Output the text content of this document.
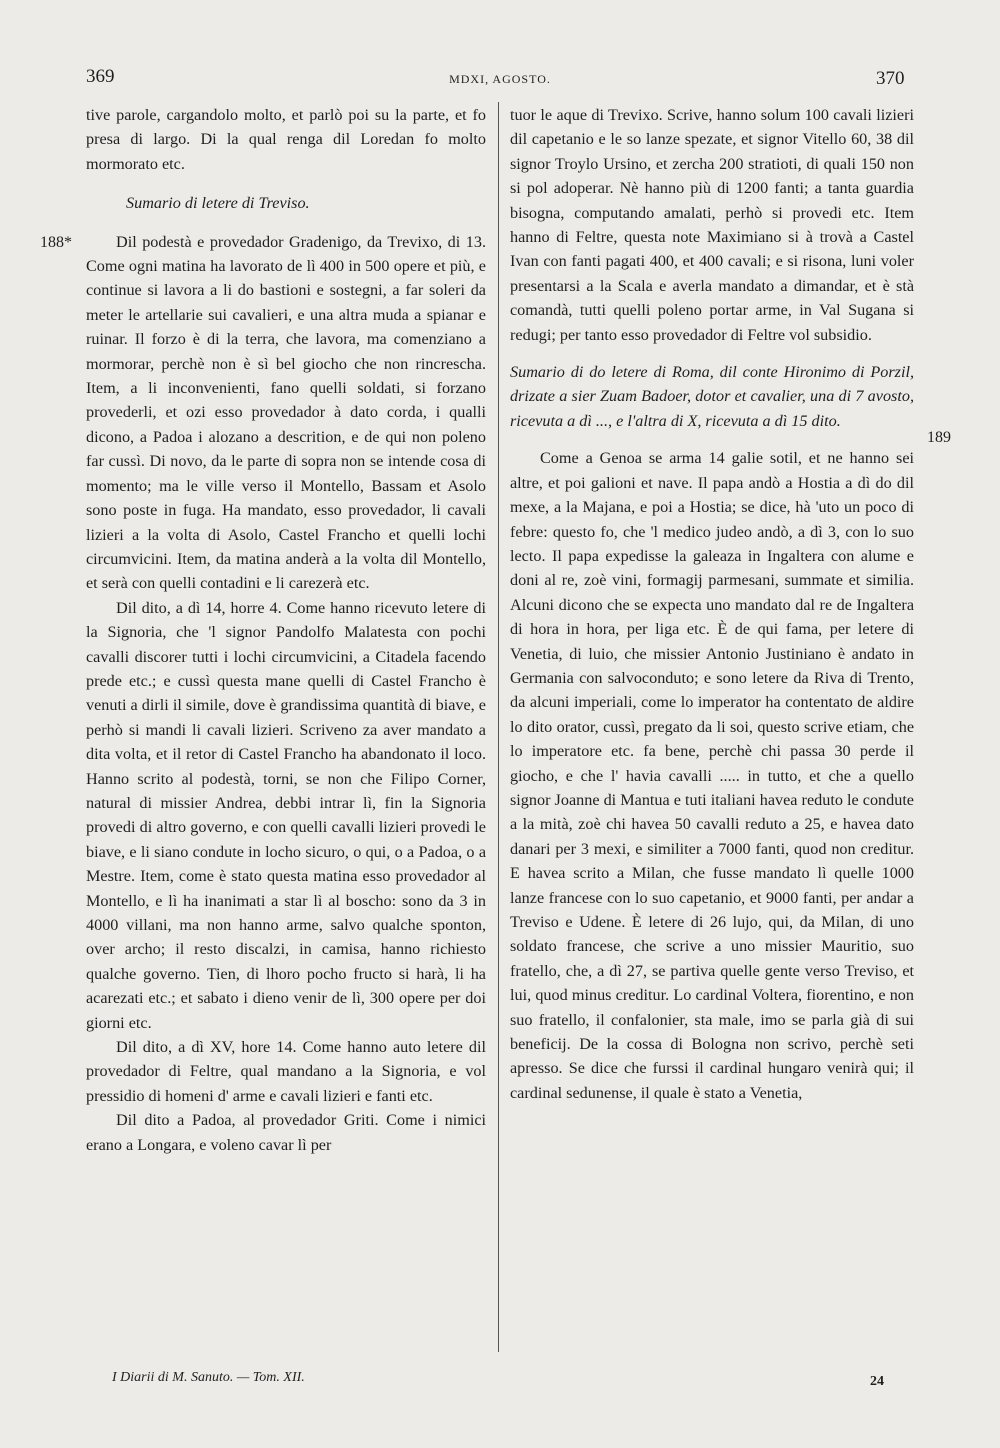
369	MDXI, AGOSTO.	370
188*
189

tive parole, cargandolo molto, et parlò poi su la parte, et fo presa di largo. Di la qual renga dil Loredan fo molto mormorato etc.

Sumario di letere di Treviso.

Dil podestà e provedador Gradenigo, da Trevixo, di 13. Come ogni matina ha lavorato de lì 400 in 500 opere et più, e continue si lavora a li do bastioni e sostegni, a far soleri da meter le artellarie sui cavalieri, e una altra muda a spianar e ruinar. Il forzo è di la terra, che lavora, ma comenziano a mormorar, perchè non è sì bel giocho che non rincrescha. Item, a li inconvenienti, fano quelli soldati, si forzano provederli, et ozi esso provedador à dato corda, i qualli dicono, a Padoa i alozano a descrition, e de qui non poleno far cussì. Di novo, da le parte di sopra non se intende cosa di momento; ma le ville verso il Montello, Bassam et Asolo sono poste in fuga. Ha mandato, esso provedador, li cavali lizieri a la volta di Asolo, Castel Francho et quelli lochi circumvicini. Item, da matina anderà a la volta dil Montello, et serà con quelli contadini e li carezerà etc.

Dil dito, a dì 14, horre 4. Come hanno ricevuto letere di la Signoria, che 'l signor Pandolfo Malatesta con pochi cavalli discorer tutti i lochi circumvicini, a Citadela facendo prede etc.; e cussì questa mane quelli di Castel Francho è venuti a dirli il simile, dove è grandissima quantità di biave, e perhò si mandi li cavali lizieri. Scriveno za aver mandato a dita volta, et il retor di Castel Francho ha abandonato il loco. Hanno scrito al podestà, torni, se non che Filipo Corner, natural di missier Andrea, debbi intrar lì, fin la Signoria provedi di altro governo, e con quelli cavalli lizieri provedi le biave, e li siano condute in locho sicuro, o qui, o a Padoa, o a Mestre. Item, come è stato questa matina esso provedador al Montello, e lì ha inanimati a star lì al boscho: sono da 3 in 4000 villani, ma non hanno arme, salvo qualche sponton, over archo; il resto discalzi, in camisa, hanno richiesto qualche governo. Tien, di lhoro pocho fructo si harà, li ha acarezati etc.; et sabato i dieno venir de lì, 300 opere per doi giorni etc.

Dil dito, a dì XV, hore 14. Come hanno auto letere dil provedador di Feltre, qual mandano a la Signoria, e vol pressidio di homeni d' arme e cavali lizieri e fanti etc.

Dil dito a Padoa, al provedador Griti. Come i nimici erano a Longara, e voleno cavar lì per

tuor le aque di Trevixo. Scrive, hanno solum 100 cavali lizieri dil capetanio e le so lanze spezate, et signor Vitello 60, 38 dil signor Troylo Ursino, et zercha 200 stratioti, di quali 150 non si pol adoperar. Nè hanno più di 1200 fanti; a tanta guardia bisogna, computando amalati, perhò si provedi etc. Item hanno di Feltre, questa note Maximiano si à trovà a Castel Ivan con fanti pagati 400, et 400 cavali; e si risona, luni voler presentarsi a la Scala e averla mandato a dimandar, et è stà comandà, tutti quelli poleno portar arme, in Val Sugana si redugi; per tanto esso provedador di Feltre vol subsidio.

Sumario di do letere di Roma, dil conte Hironimo di Porzil, drizate a sier Zuam Badoer, dotor et cavalier, una di 7 avosto, ricevuta a dì ..., e l'altra di X, ricevuta a dì 15 dito.

Come a Genoa se arma 14 galie sotil, et ne hanno sei altre, et poi galioni et nave. Il papa andò a Hostia a dì do dil mexe, a la Majana, e poi a Hostia; se dice, hà 'uto un poco di febre: questo fo, che 'l medico judeo andò, a dì 3, con lo suo lecto. Il papa expedisse la galeaza in Ingaltera con alume e doni al re, zoè vini, formagij parmesani, summate et similia. Alcuni dicono che se expecta uno mandato dal re de Ingaltera di hora in hora, per liga etc. È de qui fama, per letere di Venetia, di luio, che missier Antonio Justiniano è andato in Germania con salvoconduto; e sono letere da Riva di Trento, da alcuni imperiali, come lo imperator ha contentato de aldire lo dito orator, cussì, pregato da li soi, questo scrive etiam, che lo imperatore etc. fa bene, perchè chi passa 30 perde il giocho, e che l' havia cavalli ..... in tutto, et che a quello signor Joanne di Mantua e tuti italiani havea reduto le condute a la mità, zoè chi havea 50 cavalli reduto a 25, e havea dato danari per 3 mexi, e similiter a 7000 fanti, quod non creditur. E havea scrito a Milan, che fusse mandato lì quelle 1000 lanze francese con lo suo capetanio, et 9000 fanti, per andar a Treviso e Udene. È letere di 26 lujo, qui, da Milan, di uno soldato francese, che scrive a uno missier Mauritio, suo fratello, che, a dì 27, se partiva quelle gente verso Treviso, et lui, quod minus creditur. Lo cardinal Voltera, fiorentino, e non suo fratello, il confalonier, sta male, imo se parla già di sui beneficij. De la cossa di Bologna non scrivo, perchè seti apresso. Se dice che furssi il cardinal hungaro venirà qui; il cardinal sedunense, il quale è stato a Venetia,

I Diarii di M. Sanuto. — Tom. XII.	24
